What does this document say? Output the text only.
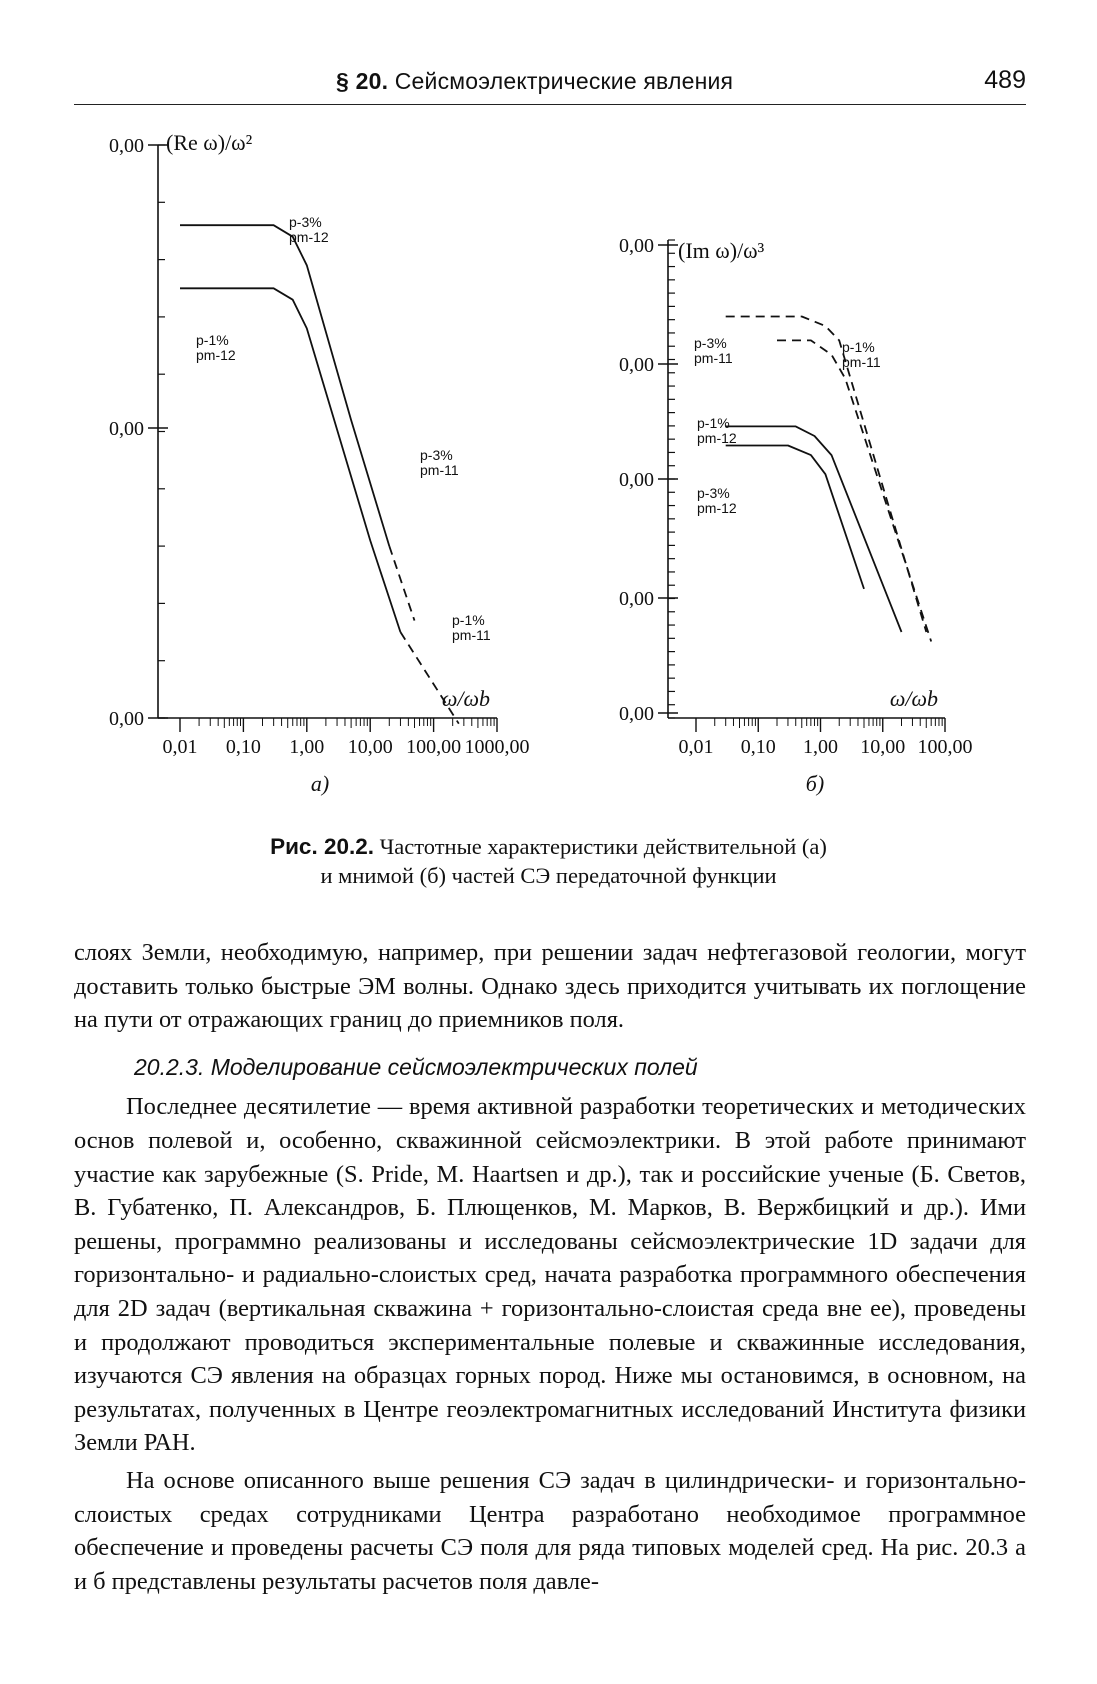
§ 20. Сейсмоэлектрические явления	489
0,00
0,00
0,00
0,01 0,10 1,00 10,00 100,00 1000,00
(Re ω)/ω²
ω/ωb
а)
p-3% pm-12
p-1% pm-12
p-3% pm-11
p-1% pm-11
0,00
0,00
0,00
0,00
0,00
0,01 0,10 1,00 10,00 100,00
(Im ω)/ω³
ω/ωb
б)
p-3% pm-11
p-1% pm-11
p-1% pm-12
p-3% pm-12
Рис. 20.2. Частотные характеристики действительной (а)
и мнимой (б) частей СЭ передаточной функции

слоях Земли, необходимую, например, при решении задач нефтегазовой геологии, могут доставить только быстрые ЭМ волны. Однако здесь приходится учитывать их поглощение на пути от отражающих границ до приемников поля.

20.2.3. Моделирование сейсмоэлектрических полей

Последнее десятилетие — время активной разработки теоретических и методических основ полевой и, особенно, скважинной сейсмоэлектрики. В этой работе принимают участие как зарубежные (S. Pride, M. Haartsen и др.), так и российские ученые (Б. Светов, В. Губатенко, П. Александров, Б. Плющенков, М. Марков, В. Вержбицкий и др.). Ими решены, программно реализованы и исследованы сейсмоэлектрические 1D задачи для горизонтально- и радиально-слоистых сред, начата разработка программного обеспечения для 2D задач (вертикальная скважина + горизонтально-слоистая среда вне ее), проведены и продолжают проводиться экспериментальные полевые и скважинные исследования, изучаются СЭ явления на образцах горных пород. Ниже мы остановимся, в основном, на результатах, полученных в Центре геоэлектромагнитных исследований Института физики Земли РАН.

На основе описанного выше решения СЭ задач в цилиндрически- и горизонтально-слоистых средах сотрудниками Центра разработано необходимое программное обеспечение и проведены расчеты СЭ поля для ряда типовых моделей сред. На рис. 20.3 а и б представлены результаты расчетов поля давле-
